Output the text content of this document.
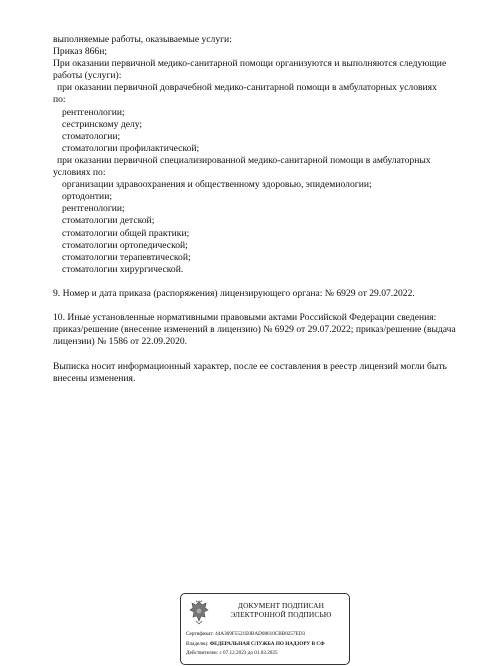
выполняемые работы, оказываемые услуги:
Приказ 866н;
При оказании первичной медико-санитарной помощи организуются и выполняются следующие
работы (услуги):
при оказании первичной доврачебной медико-санитарной помощи в амбулаторных условиях
по:
рентгенологии;
сестринскому делу;
стоматологии;
стоматологии профилактической;
при оказании первичной специализированной медико-санитарной помощи в амбулаторных
условиях по:
организации здравоохранения и общественному здоровью, эпидемиологии;
ортодонтии;
рентгенологии;
стоматологии детской;
стоматологии общей практики;
стоматологии ортопедической;
стоматологии терапевтической;
стоматологии хирургической.
9. Номер и дата приказа (распоряжения) лицензирующего органа: № 6929 от 29.07.2022.
10. Иные установленные нормативными правовыми актами Российской Федерации сведения:
приказ/решение (внесение изменений в лицензию) № 6929 от 29.07.2022; приказ/решение (выдача
лицензии) № 1586 от 22.09.2020.
Выписка носит информационный характер, после ее составления в реестр лицензий могли быть
внесены изменения.
ДОКУМЕНТ ПОДПИСАН
ЭЛЕКТРОННОЙ ПОДПИСЬЮ
Сертификат: 44A369F5521E0BAD08610CBB8257ED3
Владелец: ФЕДЕРАЛЬНАЯ СЛУЖБА ПО НАДЗОРУ В СФ
Действителен: с 07.12.2023 до 01.03.2025
